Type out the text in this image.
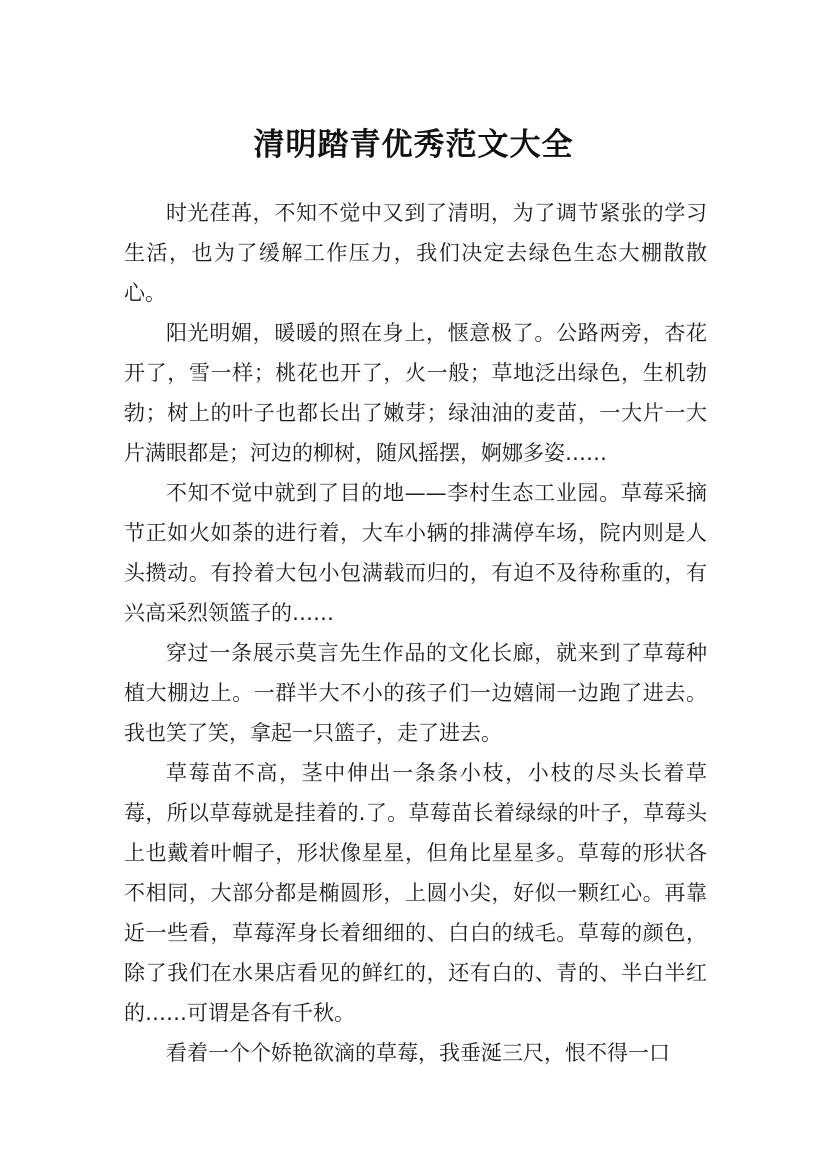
清明踏青优秀范文大全

时光荏苒，不知不觉中又到了清明，为了调节紧张的学习生活，也为了缓解工作压力，我们决定去绿色生态大棚散散心。

阳光明媚，暖暖的照在身上，惬意极了。公路两旁，杏花开了，雪一样；桃花也开了，火一般；草地泛出绿色，生机勃勃；树上的叶子也都长出了嫩芽；绿油油的麦苗，一大片一大片满眼都是；河边的柳树，随风摇摆，婀娜多姿……

不知不觉中就到了目的地——李村生态工业园。草莓采摘节正如火如荼的进行着，大车小辆的排满停车场，院内则是人头攒动。有拎着大包小包满载而归的，有迫不及待称重的，有兴高采烈领篮子的……

穿过一条展示莫言先生作品的文化长廊，就来到了草莓种植大棚边上。一群半大不小的孩子们一边嬉闹一边跑了进去。我也笑了笑，拿起一只篮子，走了进去。

草莓苗不高，茎中伸出一条条小枝，小枝的尽头长着草莓，所以草莓就是挂着的.了。草莓苗长着绿绿的叶子，草莓头上也戴着叶帽子，形状像星星，但角比星星多。草莓的形状各不相同，大部分都是椭圆形，上圆小尖，好似一颗红心。再靠近一些看，草莓浑身长着细细的、白白的绒毛。草莓的颜色，除了我们在水果店看见的鲜红的，还有白的、青的、半白半红的……可谓是各有千秋。

看着一个个娇艳欲滴的草莓，我垂涎三尺，恨不得一口
